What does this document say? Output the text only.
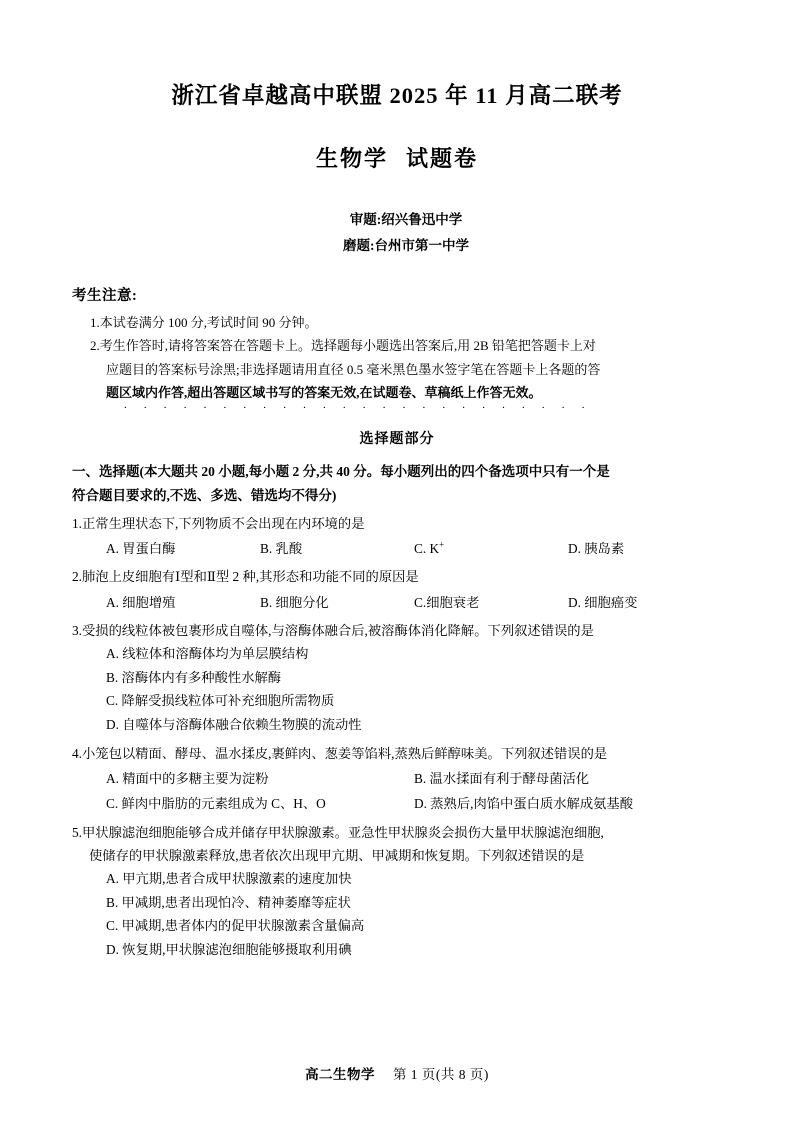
浙江省卓越高中联盟 2025 年 11 月高二联考
生物学 试题卷
审题:绍兴鲁迅中学
磨题:台州市第一中学
考生注意:
1.本试卷满分 100 分,考试时间 90 分钟。
2.考生作答时,请将答案答在答题卡上。选择题每小题选出答案后,用 2B 铅笔把答题卡上对
应题目的答案标号涂黑;非选择题请用直径 0.5 毫米黑色墨水签字笔在答题卡上各题的答
题区域内作答,超出答题区域书写的答案无效,在试题卷、草稿纸上作答无效。
. . . . . . . . . . . . . . . . . . . . . . . .
选择题部分
一、选择题(本大题共 20 小题,每小题 2 分,共 40 分。每小题列出的四个备选项中只有一个是
符合题目要求的,不选、多选、错选均不得分)
1.正常生理状态下,下列物质不会出现在内环境的是
A. 胃蛋白酶	B. 乳酸	C. K+	D. 胰岛素
2.肺泡上皮细胞有Ⅰ型和Ⅱ型 2 种,其形态和功能不同的原因是
A. 细胞增殖	B. 细胞分化	C.细胞衰老	D. 细胞癌变
3.受损的线粒体被包裹形成自噬体,与溶酶体融合后,被溶酶体消化降解。下列叙述错误的是
A. 线粒体和溶酶体均为单层膜结构
B. 溶酶体内有多种酸性水解酶
C. 降解受损线粒体可补充细胞所需物质
D. 自噬体与溶酶体融合依赖生物膜的流动性
4.小笼包以精面、酵母、温水揉皮,裹鲜肉、葱姜等馅料,蒸熟后鲜醇味美。下列叙述错误的是
A. 精面中的多糖主要为淀粉	B. 温水揉面有利于酵母菌活化
C. 鲜肉中脂肪的元素组成为 C、H、O	D. 蒸熟后,肉馅中蛋白质水解成氨基酸
5.甲状腺滤泡细胞能够合成并储存甲状腺激素。亚急性甲状腺炎会损伤大量甲状腺滤泡细胞,
使储存的甲状腺激素释放,患者依次出现甲亢期、甲减期和恢复期。下列叙述错误的是
A. 甲亢期,患者合成甲状腺激素的速度加快
B. 甲减期,患者出现怕冷、精神萎靡等症状
C. 甲减期,患者体内的促甲状腺激素含量偏高
D. 恢复期,甲状腺滤泡细胞能够摄取利用碘
高二生物学 第 1 页(共 8 页)
